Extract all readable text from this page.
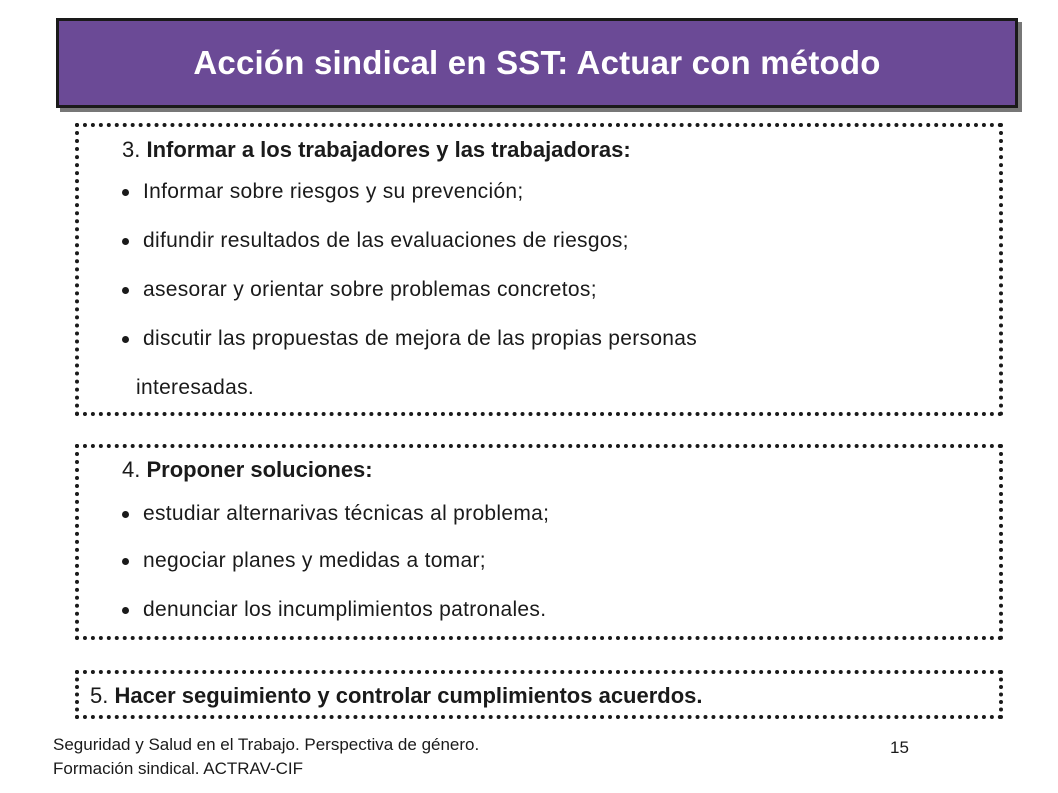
Acción sindical en SST: Actuar con método
3. Informar a los trabajadores y las trabajadoras:
Informar sobre riesgos y su prevención;
difundir resultados de las evaluaciones de riesgos;
asesorar y orientar sobre problemas concretos;
discutir las propuestas de mejora de las propias personas
interesadas.
4. Proponer soluciones:
estudiar alternarivas técnicas al problema;
negociar planes y medidas a tomar;
denunciar los incumplimientos patronales.
5. Hacer seguimiento y controlar cumplimientos acuerdos.
Seguridad y Salud en el Trabajo. Perspectiva de género.
Formación sindical. ACTRAV-CIF
15
